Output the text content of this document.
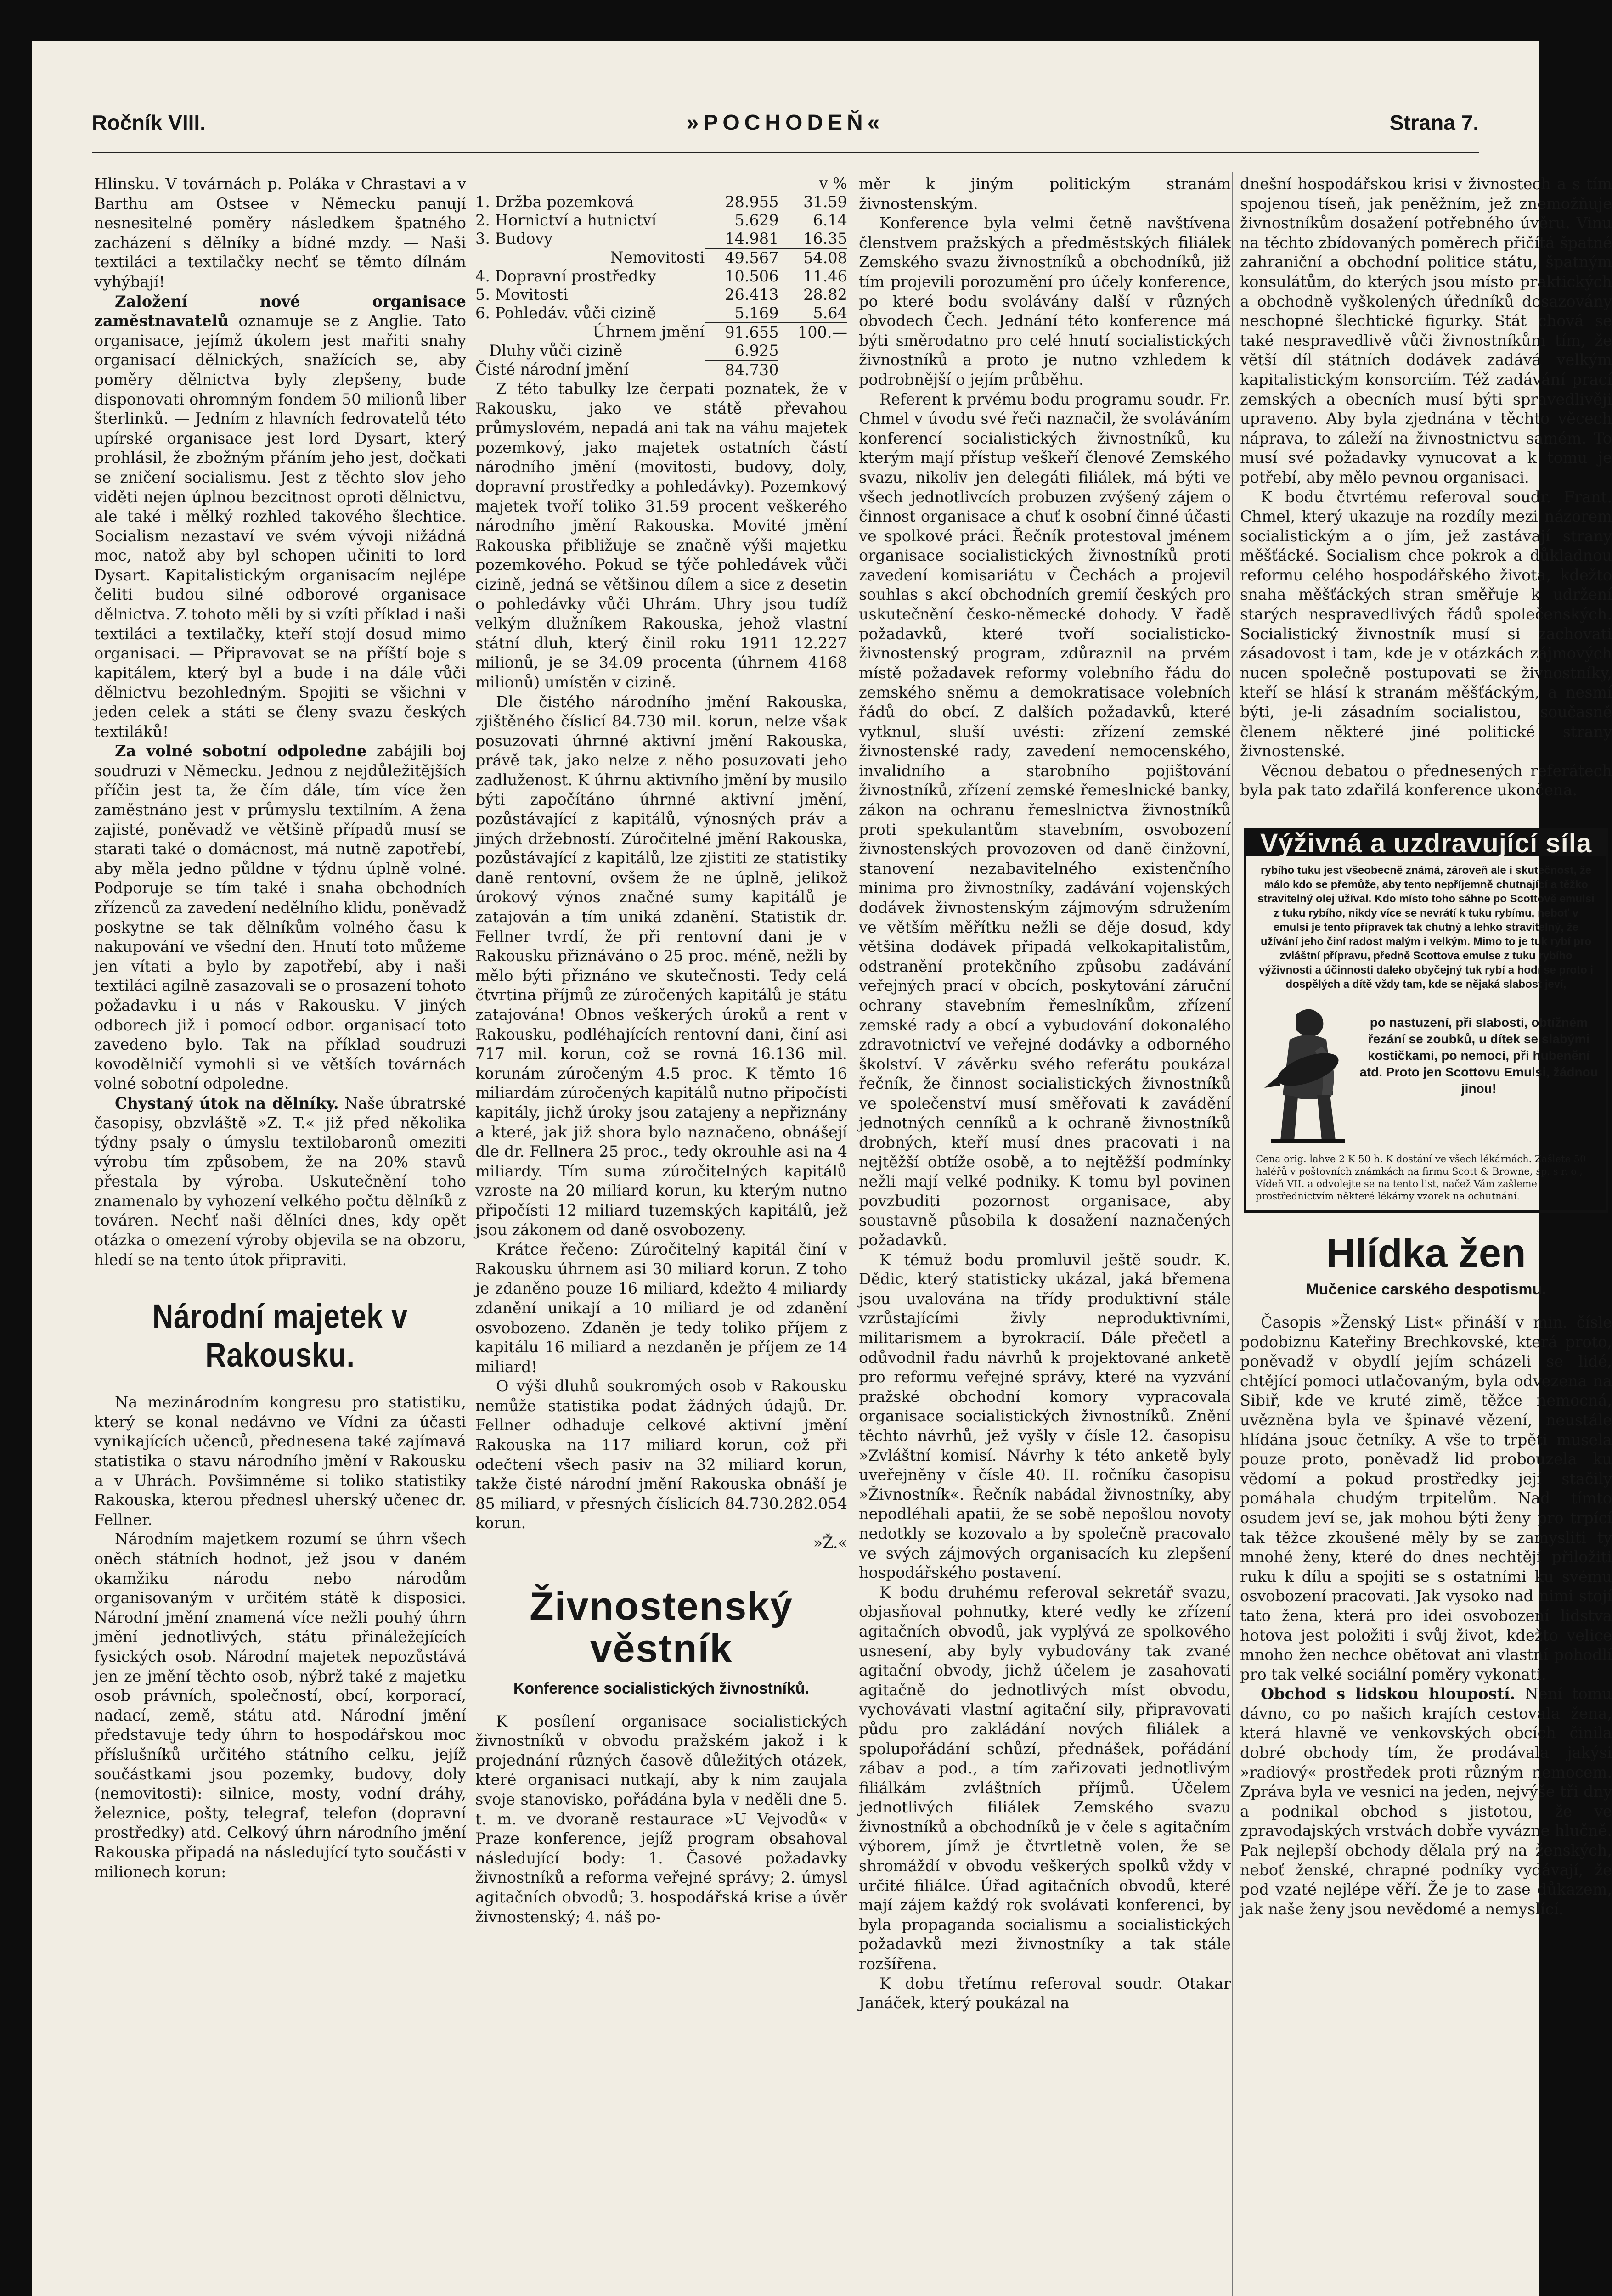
Ročník VIII.	»POCHODEŇ«	Strana 7.

Hlinsku. V továrnách p. Poláka v Chrastavi a v Barthu am Ostsee v Německu panují nesnesitelné poměry následkem špatného zacházení s dělníky a bídné mzdy. — Naši textiláci a textilačky nechť se těmto dílnám vyhýbají!

Založení nové organisace zaměstnavatelů oznamuje se z Anglie. Tato organisace, jejímž úkolem jest mařiti snahy organisací dělnických, snažících se, aby poměry dělnictva byly zlepšeny, bude disponovati ohromným fondem 50 milionů liber šterlinků. — Jedním z hlavních fedrovatelů této upírské organisace jest lord Dysart, který prohlásil, že zbožným přáním jeho jest, dočkati se zničení socialismu. Jest z těchto slov jeho viděti nejen úplnou bezcitnost oproti dělnictvu, ale také i mělký rozhled takového šlechtice. Socialism nezastaví ve svém vývoji nižádná moc, natož aby byl schopen učiniti to lord Dysart. Kapitalistickým organisacím nejlépe čeliti budou silné odborové organisace dělnictva. Z tohoto měli by si vzíti příklad i naši textiláci a textilačky, kteří stojí dosud mimo organisaci. — Připravovat se na příští boje s kapitálem, který byl a bude i na dále vůči dělnictvu bezohledným. Spojiti se všichni v jeden celek a státi se členy svazu českých textiláků!

Za volné sobotní odpoledne zabájili boj soudruzi v Německu. Jednou z nejdůležitějších příčin jest ta, že čím dále, tím více žen zaměstnáno jest v průmyslu textilním. A žena zajisté, poněvadž ve většině případů musí se starati také o domácnost, má nutně zapotřebí, aby měla jedno půldne v týdnu úplně volné. Podporuje se tím také i snaha obchodních zřízenců za zavedení nedělního klidu, poněvadž poskytne se tak dělníkům volného času k nakupování ve všední den. Hnutí toto můžeme jen vítati a bylo by zapotřebí, aby i naši textiláci agilně zasazovali se o prosazení tohoto požadavku i u nás v Rakousku. V jiných odborech již i pomocí odbor. organisací toto zavedeno bylo. Tak na příklad soudruzi kovodělničí vymohli si ve větších továrnách volné sobotní odpoledne.

Chystaný útok na dělníky. Naše úbratrské časopisy, obzvláště »Z. T.« již před několika týdny psaly o úmyslu textilobaronů omeziti výrobu tím způsobem, že na 20% stavů přestala by výroba. Uskutečnění toho znamenalo by vyhození velkého počtu dělníků z továren. Nechť naši dělníci dnes, kdy opět otázka o omezení výroby objevila se na obzoru, hledí se na tento útok připraviti.

Národní majetek v Rakousku.

Na mezinárodním kongresu pro statistiku, který se konal nedávno ve Vídni za účasti vynikajících učenců, přednesena také zajímavá statistika o stavu národního jmění v Rakousku a v Uhrách. Povšimněme si toliko statistiky Rakouska, kterou přednesl uherský učenec dr. Fellner.

Národním majetkem rozumí se úhrn všech oněch státních hodnot, jež jsou v daném okamžiku národu nebo národům organisovaným v určitém státě k disposici. Národní jmění znamená více nežli pouhý úhrn jmění jednotlivých, státu přináležejících fysických osob. Národní majetek nepozůstává jen ze jmění těchto osob, nýbrž také z majetku osob právních, společností, obcí, korporací, nadací, země, státu atd. Národní jmění představuje tedy úhrn to hospodářskou moc příslušníků určitého státního celku, jejíž součástkami jsou pozemky, budovy, doly (nemovitosti): silnice, mosty, vodní dráhy, železnice, pošty, telegraf, telefon (dopravní prostředky) atd. Celkový úhrn národního jmění Rakouska připadá na následující tyto součásti v milionech korun:

		v %
1. Držba pozemková	28.955	31.59
2. Hornictví a hutnictví	5.629	6.14
3. Budovy	14.981	16.35
Nemovitosti	49.567	54.08
4. Dopravní prostředky	10.506	11.46
5. Movitosti	26.413	28.82
6. Pohledáv. vůči cizině	5.169	5.64
Úhrnem jmění	91.655	100.—
Dluhy vůči cizině	6.925	
Čisté národní jmění	84.730	

Z této tabulky lze čerpati poznatek, že v Rakousku, jako ve státě převahou průmyslovém, nepadá ani tak na váhu majetek pozemkový, jako majetek ostatních částí národního jmění (movitosti, budovy, doly, dopravní prostředky a pohledávky). Pozemkový majetek tvoří toliko 31.59 procent veškerého národního jmění Rakouska. Movité jmění Rakouska přibližuje se značně výši majetku pozemkového. Pokud se týče pohledávek vůči cizině, jedná se většinou dílem a sice z desetin o pohledávky vůči Uhrám. Uhry jsou tudíž velkým dlužníkem Rakouska, jehož vlastní státní dluh, který činil roku 1911 12.227 milionů, je se 34.09 procenta (úhrnem 4168 milionů) umístěn v cizině.

Dle čistého národního jmění Rakouska, zjištěného číslicí 84.730 mil. korun, nelze však posuzovati úhrnné aktivní jmění Rakouska, právě tak, jako nelze z něho posuzovati jeho zadluženost. K úhrnu aktivního jmění by musilo býti započítáno úhrnné aktivní jmění, pozůstávající z kapitálů, výnosných práv a jiných držebností. Zúročitelné jmění Rakouska, pozůstávající z kapitálů, lze zjistiti ze statistiky daně rentovní, ovšem že ne úplně, jelikož úrokový výnos značné sumy kapitálů je zatajován a tím uniká zdanění. Statistik dr. Fellner tvrdí, že při rentovní dani je v Rakousku přiznáváno o 25 proc. méně, nežli by mělo býti přiznáno ve skutečnosti. Tedy celá čtvrtina příjmů ze zúročených kapitálů je státu zatajována! Obnos veškerých úroků a rent v Rakousku, podléhajících rentovní dani, činí asi 717 mil. korun, což se rovná 16.136 mil. korunám zúročeným 4.5 proc. K těmto 16 miliardám zúročených kapitálů nutno připočísti kapitály, jichž úroky jsou zatajeny a nepřiznány a které, jak již shora bylo naznačeno, obnášejí dle dr. Fellnera 25 proc., tedy okrouhle asi na 4 miliardy. Tím suma zúročitelných kapitálů vzroste na 20 miliard korun, ku kterým nutno připočísti 12 miliard tuzemských kapitálů, jež jsou zákonem od daně osvobozeny.

Krátce řečeno: Zúročitelný kapitál činí v Rakousku úhrnem asi 30 miliard korun. Z toho je zdaněno pouze 16 miliard, kdežto 4 miliardy zdanění unikají a 10 miliard je od zdanění osvobozeno. Zdaněn je tedy toliko příjem z kapitálu 16 miliard a nezdaněn je příjem ze 14 miliard!

O výši dluhů soukromých osob v Rakousku nemůže statistika podat žádných údajů. Dr. Fellner odhaduje celkové aktivní jmění Rakouska na 117 miliard korun, což při odečtení všech pasiv na 32 miliard korun, takže čisté národní jmění Rakouska obnáší je 85 miliard, v přesných číslicích 84.730.282.054 korun.

»Ž.«

Živnostenský věstník
Konference socialistických živnostníků.

K posílení organisace socialistických živnostníků v obvodu pražském jakož i k projednání různých časově důležitých otázek, které organisaci nutkají, aby k nim zaujala svoje stanovisko, pořádána byla v neděli dne 5. t. m. ve dvoraně restaurace »U Vejvodů« v Praze konference, jejíž program obsahoval následující body: 1. Časové požadavky živnostníků a reforma veřejné správy; 2. úmysl agitačních obvodů; 3. hospodářská krise a úvěr živnostenský; 4. náš po-

měr k jiným politickým stranám živnostenským.

Konference byla velmi četně navštívena členstvem pražských a předměstských filiálek Zemského svazu živnostníků a obchodníků, již tím projevili porozumění pro účely konference, po které bodu svolávány další v různých obvodech Čech. Jednání této konference má býti směrodatno pro celé hnutí socialistických živnostníků a proto je nutno vzhledem k podrobnější o jejím průběhu.

Referent k prvému bodu programu soudr. Fr. Chmel v úvodu své řeči naznačil, že svoláváním konferencí socialistických živnostníků, ku kterým mají přístup veškeří členové Zemského svazu, nikoliv jen delegáti filiálek, má býti ve všech jednotlivcích probuzen zvýšený zájem o činnost organisace a chuť k osobní činné účasti ve spolkové práci. Řečník protestoval jménem organisace socialistických živnostníků proti zavedení komisariátu v Čechách a projevil souhlas s akcí obchodních gremií českých pro uskutečnění česko-německé dohody. V řadě požadavků, které tvoří socialisticko-živnostenský program, zdůraznil na prvém místě požadavek reformy volebního řádu do zemského sněmu a demokratisace volebních řádů do obcí. Z dalších požadavků, které vytknul, sluší uvésti: zřízení zemské živnostenské rady, zavedení nemocenského, invalidního a starobního pojištování živnostníků, zřízení zemské řemeslnické banky, zákon na ochranu řemeslnictva živnostníků proti spekulantům stavebním, osvobození živnostenských provozoven od daně činžovní, stanovení nezabavitelného existenčního minima pro živnostníky, zadávání vojenských dodávek živnostenským zájmovým sdružením ve větším měřítku nežli se děje dosud, kdy většina dodávek připadá velkokapitalistům, odstranění protekčního způsobu zadávání veřejných prací v obcích, poskytování záruční ochrany stavebním řemeslníkům, zřízení zemské rady a obcí a vybudování dokonalého zdravotnictví ve veřejné dodávky a odborného školství. V závěrku svého referátu poukázal řečník, že činnost socialistických živnostníků ve společenství musí směřovati k zavádění jednotných cenníků a k ochraně živnostníků drobných, kteří musí dnes pracovati i na nejtěžší obtíže osobě, a to nejtěžší podmínky nežli mají velké podniky. K tomu byl povinen povzbuditi pozornost organisace, aby soustavně působila k dosažení naznačených požadavků.

K témuž bodu promluvil ještě soudr. K. Dědic, který statisticky ukázal, jaká břemena jsou uvalována na třídy produktivní stále vzrůstajícími živly neproduktivními, militarismem a byrokracií. Dále přečetl a odůvodnil řadu návrhů k projektované anketě pro reformu veřejné správy, které na vyzvání pražské obchodní komory vypracovala organisace socialistických živnostníků. Znění těchto návrhů, jež vyšly v čísle 12. časopisu »Zvláštní komisí. Návrhy k této anketě byly uveřejněny v čísle 40. II. ročníku časopisu »Živnostník«. Řečník nabádal živnostníky, aby nepodléhali apatii, že se sobě nepošlou novoty nedotkly se kozovalo a by společně pracovalo ve svých zájmových organisacích ku zlepšení hospodářského postavení.

K bodu druhému referoval sekretář svazu, objasňoval pohnutky, které vedly ke zřízení agitačních obvodů, jak vyplývá ze spolkového usnesení, aby byly vybudovány tak zvané agitační obvody, jichž účelem je zasahovati agitačně do jednotlivých míst obvodu, vychovávati vlastní agitační sily, připravovati půdu pro zakládání nových filiálek a spolupořádání schůzí, přednášek, pořádání zábav a pod., a tím zařizovati jednotlivým filiálkám zvláštních příjmů. Účelem jednotlivých filiálek Zemského svazu živnostníků a obchodníků je v čele s agitačním výborem, jímž je čtvrtletně volen, že se shromáždí v obvodu veškerých spolků vždy v určité filiálce. Úřad agitačních obvodů, které mají zájem každý rok svolávati konferenci, by byla propaganda socialismu a socialistických požadavků mezi živnostníky a tak stále rozšířena.

K dobu třetímu referoval soudr. Otakar Janáček, který poukázal na

dnešní hospodářskou krisi v živnostech a s tím spojenou tíseň, jak peněžním, jež znemožňuje živnostníkům dosažení potřebného úvěru. Vinu na těchto zbídovaných poměrech přičítá špatné zahraniční a obchodní politice státu, špatným konsulátům, do kterých jsou místo praktických a obchodně vyškolených úředníků dosazovány neschopné šlechtické figurky. Stát chová se také nespravedlivě vůči živnostníkům tím, že větší díl státních dodávek zadává velkým kapitalistickým konsorciím. Též zadávání prací zemských a obecních musí býti spravedlivěji upraveno. Aby byla zjednána v těchto věcech náprava, to záleží na živnostnictvu samém. To musí své požadavky vynucovat a k tomu je potřebí, aby mělo pevnou organisaci.

K bodu čtvrtému referoval soudr. Frant. Chmel, který ukazuje na rozdíly mezi názorem socialistickým a o jím, jež zastávají strany měšťácké. Socialism chce pokrok a důkladnou reformu celého hospodářského života, kdežto snaha měšťáckých stran směřuje k udržení starých nespravedlivých řádů společenských. Socialistický živnostník musí si zachovati zásadovost i tam, kde je v otázkách zájmových nucen společně postupovati se živnostníky, kteří se hlásí k stranám měšťáckým, a nesmí býti, je-li zásadním socialistou, současně členem některé jiné politické strany živnostenské.

Věcnou debatou o přednesených referátech byla pak tato zdařilá konference ukončena.

Výživná a uzdravující síla
rybího tuku jest všeobecně známá, zároveň ale i skutečnost, že málo kdo se přemůže, aby tento nepříjemně chutnající a těžko stravitelný olej užíval. Kdo místo toho sáhne po Scottově emulsi z tuku rybího, nikdy více se nevrátí k tuku rybímu, neboť v emulsi je tento přípravek tak chutný a lehko stravitelný, že užívání jeho činí radost malým i velkým. Mimo to je tuk rybí pro zvláštní přípravu, předně Scottova emulse z tuku rybího výživnosti a účinnosti daleko obyčejný tuk rybí a hodí se proto i dospělých a dítě vždy tam, kde se nějaká slabost jeví,
po nastuzení, při slabosti, obtížném řezání se zoubků, u dítek se slabými kostičkami, po nemoci, při hubenění atd. Proto jen Scottovu Emulsi, žádnou jinou!
Cena orig. lahve 2 K 50 h. K dostání ve všech lékárnách. Zašlete 50 haléřů v poštovních známkách na firmu Scott & Browne, sp. s r. o., Vídeň VII. a odvolejte se na tento list, načež Vám zašleme prostřednictvím některé lékárny vzorek na ochutnání.
Hlídka žen
Mučenice carského despotismu.

Časopis »Ženský List« přináší v min. čísle podobiznu Kateřiny Brechkovské, která proto, poněvadž v obydlí jejím scházeli se lidé, chtějící pomoci utlačovaným, byla odvezena na Sibiř, kde ve kruté zimě, těžce nemocná, uvězněna byla ve špinavé vězení, neustále hlídána jsouc četníky. A vše to trpěti musela pouze proto, poněvadž lid probouzela ku vědomí a pokud prostředky její stačily pomáhala chudým trpitelům. Nad tímto osudem jeví se, jak mohou býti ženy pro trpící tak těžce zkoušené měly by se zamysliti ty mnohé ženy, které do dnes nechtějí přiložiti ruku k dílu a spojiti se s ostatními ku svému osvobození pracovati. Jak vysoko nad nimi stojí tato žena, která pro idei osvobození lidstva hotova jest položiti i svůj život, kdežto velice mnoho žen nechce obětovat ani vlastní pohodlí pro tak velké sociální poměry vykonati.

Obchod s lidskou hloupostí. Není tomu dávno, co po našich krajích cestovala žena, která hlavně ve venkovských obcích činila dobré obchody tím, že prodávala jakýsi »radiový« prostředek proti různým nemocem. Zpráva byla ve vesnici na jeden, nejvýše tři dny a podnikal obchod s jistotou, že ve zpravodajských vrstvách dobře vyvázne hlučně. Pak nejlepší obchody dělala prý na ženských, neboť ženské, chrapné podníky vydávají, že pod vzaté nejlépe věří. Že je to zase důkazem, jak naše ženy jsou nevědomé a nemyslící.
